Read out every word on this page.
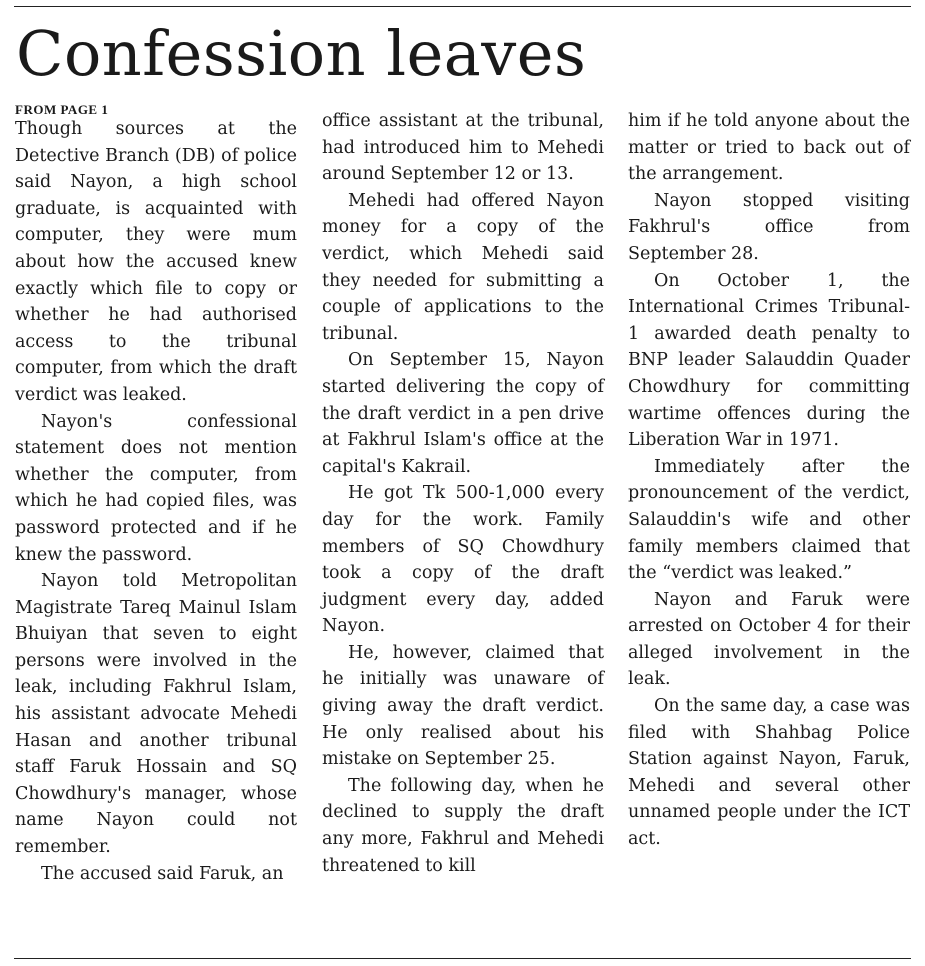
Confession leaves
FROM PAGE 1

Though sources at the Detective Branch (DB) of police said Nayon, a high school graduate, is acquainted with computer, they were mum about how the accused knew exactly which file to copy or whether he had authorised access to the tribunal computer, from which the draft verdict was leaked.

Nayon's confessional statement does not mention whether the computer, from which he had copied files, was password protected and if he knew the password.

Nayon told Metropolitan Magistrate Tareq Mainul Islam Bhuiyan that seven to eight persons were involved in the leak, including Fakhrul Islam, his assistant advocate Mehedi Hasan and another tribunal staff Faruk Hossain and SQ Chowdhury's manager, whose name Nayon could not remember.

The accused said Faruk, an

office assistant at the tribunal, had introduced him to Mehedi around September 12 or 13.

Mehedi had offered Nayon money for a copy of the verdict, which Mehedi said they needed for submitting a couple of applications to the tribunal.

On September 15, Nayon started delivering the copy of the draft verdict in a pen drive at Fakhrul Islam's office at the capital's Kakrail.

He got Tk 500-1,000 every day for the work. Family members of SQ Chowdhury took a copy of the draft judgment every day, added Nayon.

He, however, claimed that he initially was unaware of giving away the draft verdict. He only realised about his mistake on September 25.

The following day, when he declined to supply the draft any more, Fakhrul and Mehedi threatened to kill

him if he told anyone about the matter or tried to back out of the arrangement.

Nayon stopped visiting Fakhrul's office from September 28.

On October 1, the International Crimes Tribunal-1 awarded death penalty to BNP leader Salauddin Quader Chowdhury for committing wartime offences during the Liberation War in 1971.

Immediately after the pronouncement of the verdict, Salauddin's wife and other family members claimed that the “verdict was leaked.”

Nayon and Faruk were arrested on October 4 for their alleged involvement in the leak.

On the same day, a case was filed with Shahbag Police Station against Nayon, Faruk, Mehedi and several other unnamed people under the ICT act.
